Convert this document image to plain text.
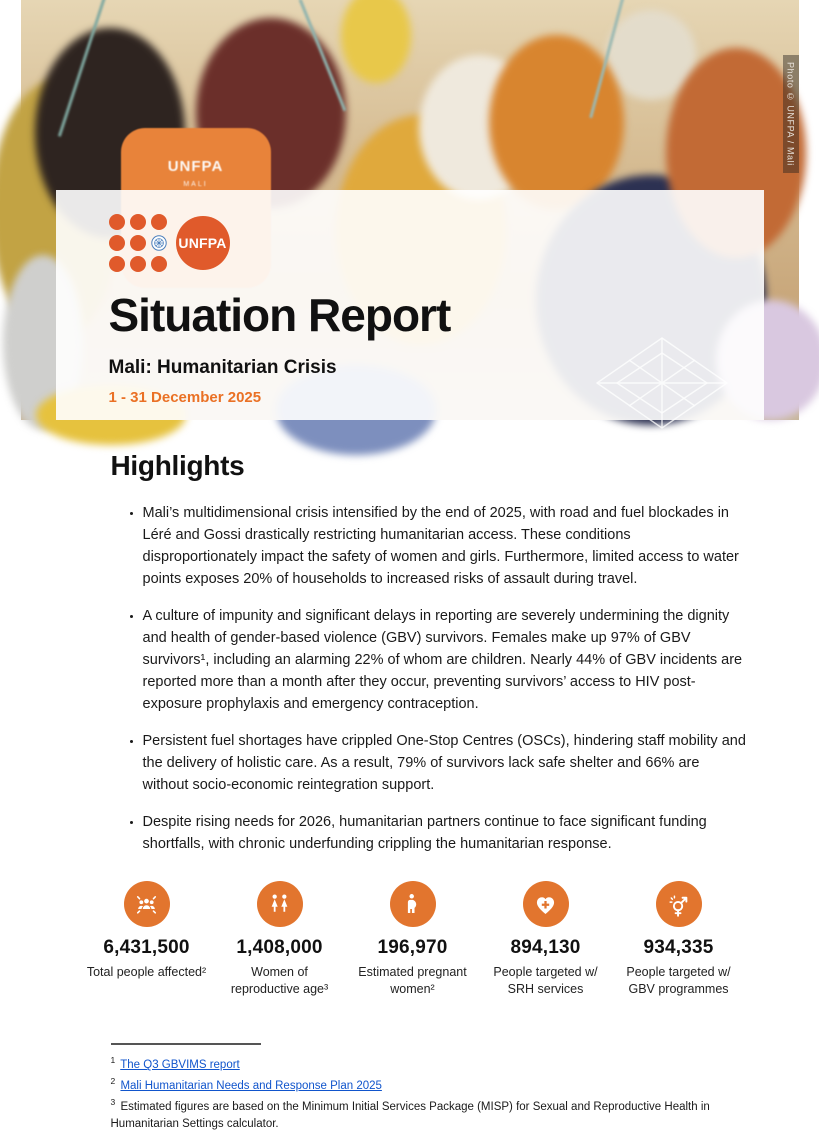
UNFPA
MALI
Photo © UNFPA / Mali
UNFPA
Situation Report
Mali: Humanitarian Crisis
1 - 31 December 2025
Highlights
• Mali’s multidimensional crisis intensified by the end of 2025, with road and fuel blockades in Léré and Gossi drastically restricting humanitarian access. These conditions disproportionately impact the safety of women and girls. Furthermore, limited access to water points exposes 20% of households to increased risks of assault during travel.
• A culture of impunity and significant delays in reporting are severely undermining the dignity and health of gender-based violence (GBV) survivors. Females make up 97% of GBV survivors¹, including an alarming 22% of whom are children. Nearly 44% of GBV incidents are reported more than a month after they occur, preventing survivors’ access to HIV post-exposure prophylaxis and emergency contraception.
• Persistent fuel shortages have crippled One-Stop Centres (OSCs), hindering staff mobility and the delivery of holistic care. As a result, 79% of survivors lack safe shelter and 66% are without socio-economic reintegration support.
• Despite rising needs for 2026, humanitarian partners continue to face significant funding shortfalls, with chronic underfunding crippling the humanitarian response.
6,431,500
Total people affected²
1,408,000
Women of reproductive age³
196,970
Estimated pregnant women²
894,130
People targeted w/ SRH services
934,335
People targeted w/ GBV programmes
$^1$ The Q3 GBVIMS report
$^2$ Mali Humanitarian Needs and Response Plan 2025
$^3$ Estimated figures are based on the Minimum Initial Services Package (MISP) for Sexual and Reproductive Health in Humanitarian Settings calculator.
